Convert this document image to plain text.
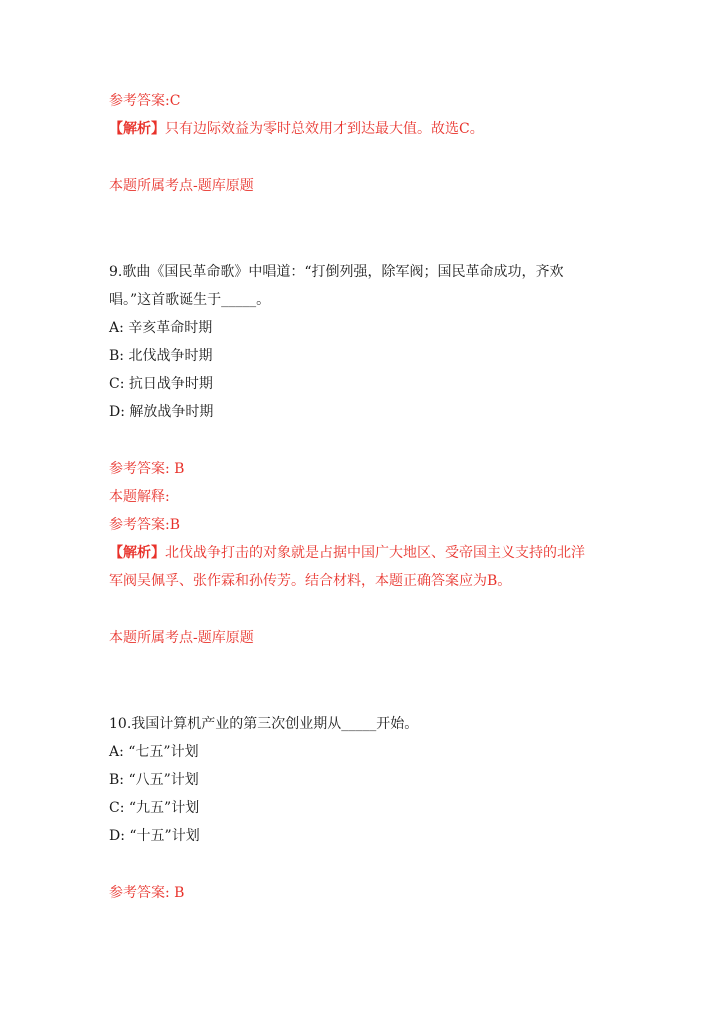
参考答案:C
【解析】只有边际效益为零时总效用才到达最大值。故选C。
本题所属考点-题库原题
9.歌曲《国民革命歌》中唱道：“打倒列强，除军阀；国民革命成功，齐欢
唱。”这首歌诞生于_____。
A: 辛亥革命时期
B: 北伐战争时期
C: 抗日战争时期
D: 解放战争时期
参考答案: B
本题解释:
参考答案:B
【解析】北伐战争打击的对象就是占据中国广大地区、受帝国主义支持的北洋
军阀吴佩孚、张作霖和孙传芳。结合材料，本题正确答案应为B。
本题所属考点-题库原题
10.我国计算机产业的第三次创业期从_____开始。
A: “七五”计划
B: “八五”计划
C: “九五”计划
D: “十五”计划
参考答案: B
